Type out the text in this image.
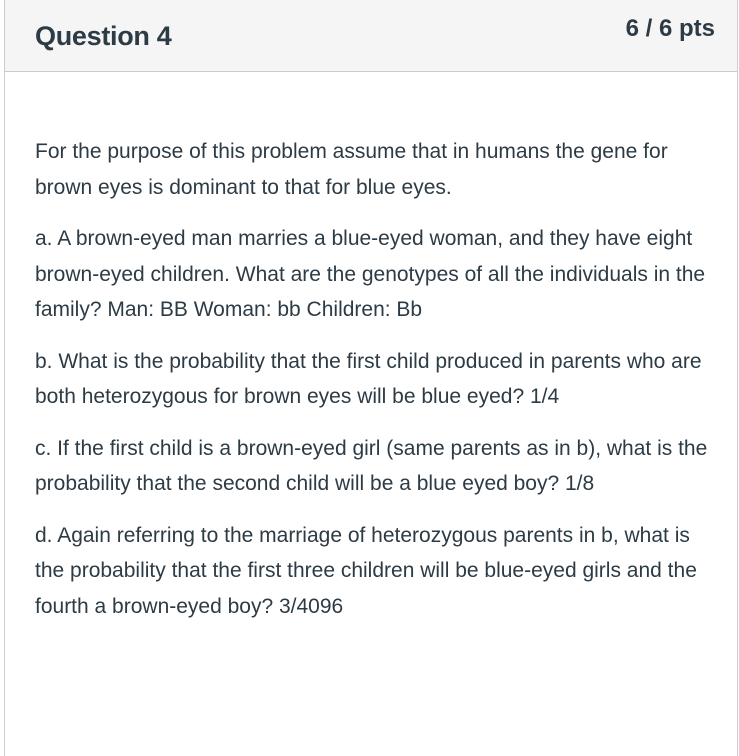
Question 4	6 / 6 pts

For the purpose of this problem assume that in humans the gene for brown eyes is dominant to that for blue eyes.

a. A brown-eyed man marries a blue-eyed woman, and they have eight brown-eyed children. What are the genotypes of all the individuals in the family? Man: BB Woman: bb Children: Bb

b. What is the probability that the first child produced in parents who are both heterozygous for brown eyes will be blue eyed? 1/4

c. If the first child is a brown-eyed girl (same parents as in b), what is the probability that the second child will be a blue eyed boy? 1/8

d. Again referring to the marriage of heterozygous parents in b, what is the probability that the first three children will be blue-eyed girls and the fourth a brown-eyed boy? 3/4096
